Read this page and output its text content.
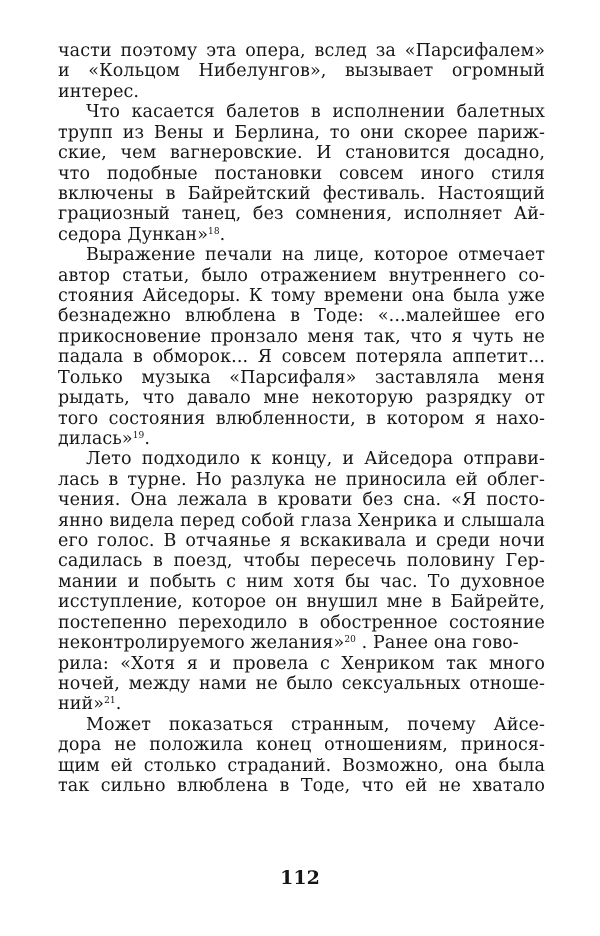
части поэтому эта опера, вслед за «Парсифалем»
и «Кольцом Нибелунгов», вызывает огромный
интерес.
Что касается балетов в исполнении балетных
трупп из Вены и Берлина, то они скорее париж-
ские, чем вагнеровские. И становится досадно,
что подобные постановки совсем иного стиля
включены в Байрейтский фестиваль. Настоящий
грациозный танец, без сомнения, исполняет Ай-
седора Дункан»$^{18}$.
Выражение печали на лице, которое отмечает
автор статьи, было отражением внутреннего со-
стояния Айседоры. К тому времени она была уже
безнадежно влюблена в Тоде: «...малейшее его
прикосновение пронзало меня так, что я чуть не
падала в обморок... Я совсем потеряла аппетит...
Только музыка «Парсифаля» заставляла меня
рыдать, что давало мне некоторую разрядку от
того состояния влюбленности, в котором я нахо-
дилась»$^{19}$.
Лето подходило к концу, и Айседора отправи-
лась в турне. Но разлука не приносила ей облег-
чения. Она лежала в кровати без сна. «Я посто-
янно видела перед собой глаза Хенрика и слышала
его голос. В отчаянье я вскакивала и среди ночи
садилась в поезд, чтобы пересечь половину Гер-
мании и побыть с ним хотя бы час. То духовное
исступление, которое он внушил мне в Байрейте,
постепенно переходило в обостренное состояние
неконтролируемого желания»$^{20}$ . Ранее она гово-
рила: «Хотя я и провела с Хенриком так много
ночей, между нами не было сексуальных отноше-
ний»$^{21}$.
Может показаться странным, почему Айсе-
112
дора не положила конец отношениям, принося-
щим ей столько страданий. Возможно, она была
так сильно влюблена в Тоде, что ей не хватало
